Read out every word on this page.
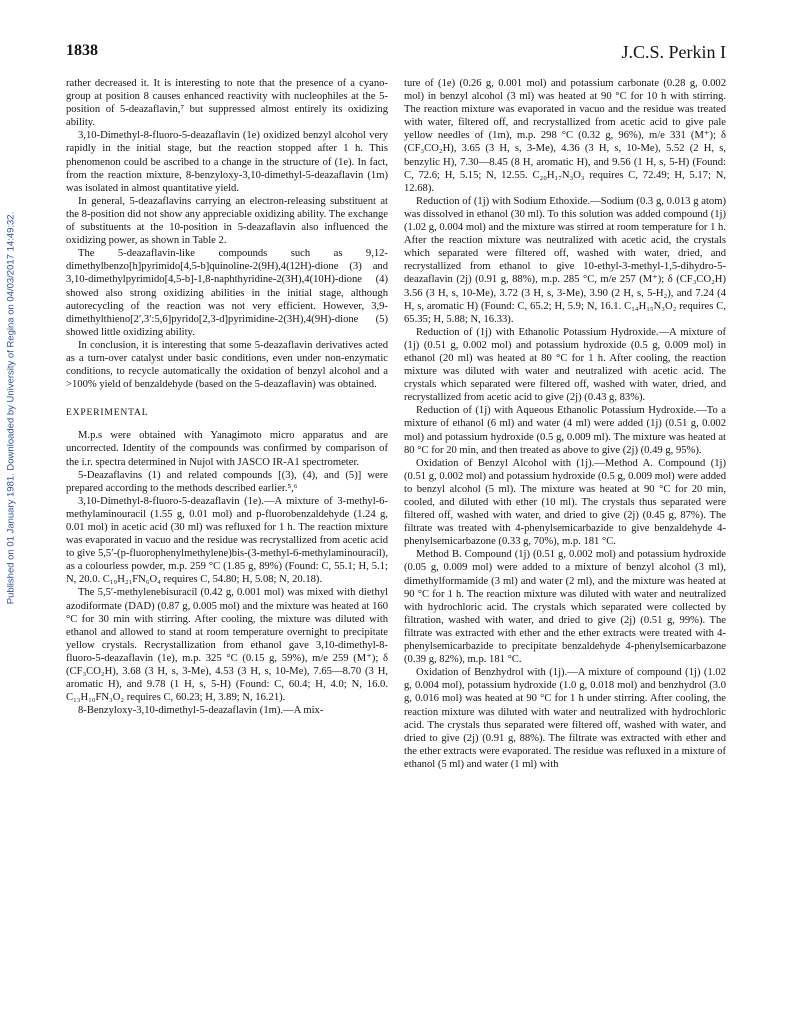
1838	J.C.S. Perkin I
Published on 01 January 1981. Downloaded by University of Regina on 04/03/2017 14:49:32.

rather decreased it. It is interesting to note that the presence of a cyano-group at position 8 causes enhanced reactivity with nucleophiles at the 5-position of 5-deazaflavin,⁷ but suppressed almost entirely its oxidizing ability.

3,10-Dimethyl-8-fluoro-5-deazaflavin (1e) oxidized benzyl alcohol very rapidly in the initial stage, but the reaction stopped after 1 h. This phenomenon could be ascribed to a change in the structure of (1e). In fact, from the reaction mixture, 8-benzyloxy-3,10-dimethyl-5-deazaflavin (1m) was isolated in almost quantitative yield.

In general, 5-deazaflavins carrying an electron-releasing substituent at the 8-position did not show any appreciable oxidizing ability. The exchange of substituents at the 10-position in 5-deazaflavin also influenced the oxidizing power, as shown in Table 2.

The 5-deazaflavin-like compounds such as 9,12-dimethylbenzo[h]pyrimido[4,5-b]quinoline-2(9H),4(12H)-dione (3) and 3,10-dimethylpyrimido[4,5-b]-1,8-naphthyridine-2(3H),4(10H)-dione (4) showed also strong oxidizing abilities in the initial stage, although autorecycling of the reaction was not very efficient. However, 3,9-dimethylthieno[2′,3′:5,6]pyrido[2,3-d]pyrimidine-2(3H),4(9H)-dione (5) showed little oxidizing ability.

In conclusion, it is interesting that some 5-deazaflavin derivatives acted as a turn-over catalyst under basic conditions, even under non-enzymatic conditions, to recycle automatically the oxidation of benzyl alcohol and a >100% yield of benzaldehyde (based on the 5-deazaflavin) was obtained.

EXPERIMENTAL

M.p.s were obtained with Yanagimoto micro apparatus and are uncorrected. Identity of the compounds was confirmed by comparison of the i.r. spectra determined in Nujol with JASCO IR-A1 spectrometer.

5-Deazaflavins (1) and related compounds [(3), (4), and (5)] were prepared according to the methods described earlier.⁵,⁶

3,10-Dimethyl-8-fluoro-5-deazaflavin (1e).—A mixture of 3-methyl-6-methylaminouracil (1.55 g, 0.01 mol) and p-fluorobenzaldehyde (1.24 g, 0.01 mol) in acetic acid (30 ml) was refluxed for 1 h. The reaction mixture was evaporated in vacuo and the residue was recrystallized from acetic acid to give 5,5′-(p-fluorophenylmethylene)bis-(3-methyl-6-methylaminouracil), as a colourless powder, m.p. 259 °C (1.85 g, 89%) (Found: C, 55.1; H, 5.1; N, 20.0. C₁₉H₂₁FN₆O₄ requires C, 54.80; H, 5.08; N, 20.18).

The 5,5′-methylenebisuracil (0.42 g, 0.001 mol) was mixed with diethyl azodiformate (DAD) (0.87 g, 0.005 mol) and the mixture was heated at 160 °C for 30 min with stirring. After cooling, the mixture was diluted with ethanol and allowed to stand at room temperature overnight to precipitate yellow crystals. Recrystallization from ethanol gave 3,10-dimethyl-8-fluoro-5-deazaflavin (1e), m.p. 325 °C (0.15 g, 59%), m/e 259 (M⁺); δ (CF₃CO₂H), 3.68 (3 H, s, 3-Me), 4.53 (3 H, s, 10-Me), 7.65—8.70 (3 H, aromatic H), and 9.78 (1 H, s, 5-H) (Found: C, 60.4; H, 4.0; N, 16.0. C₁₃H₁₀FN₃O₂ requires C, 60.23; H, 3.89; N, 16.21).

8-Benzyloxy-3,10-dimethyl-5-deazaflavin (1m).—A mix-

ture of (1e) (0.26 g, 0.001 mol) and potassium carbonate (0.28 g, 0.002 mol) in benzyl alcohol (3 ml) was heated at 90 °C for 10 h with stirring. The reaction mixture was evaporated in vacuo and the residue was treated with water, filtered off, and recrystallized from acetic acid to give pale yellow needles of (1m), m.p. 298 °C (0.32 g, 96%), m/e 331 (M⁺); δ (CF₃CO₂H), 3.65 (3 H, s, 3-Me), 4.36 (3 H, s, 10-Me), 5.52 (2 H, s, benzylic H), 7.30—8.45 (8 H, aromatic H), and 9.56 (1 H, s, 5-H) (Found: C, 72.6; H, 5.15; N, 12.55. C₂₀H₁₇N₃O₃ requires C, 72.49; H, 5.17; N, 12.68).

Reduction of (1j) with Sodium Ethoxide.—Sodium (0.3 g, 0.013 g atom) was dissolved in ethanol (30 ml). To this solution was added compound (1j) (1.02 g, 0.004 mol) and the mixture was stirred at room temperature for 1 h. After the reaction mixture was neutralized with acetic acid, the crystals which separated were filtered off, washed with water, dried, and recrystallized from ethanol to give 10-ethyl-3-methyl-1,5-dihydro-5-deazaflavin (2j) (0.91 g, 88%), m.p. 285 °C, m/e 257 (M⁺); δ (CF₃CO₂H) 3.56 (3 H, s, 10-Me), 3.72 (3 H, s, 3-Me), 3.90 (2 H, s, 5-H₂), and 7.24 (4 H, s, aromatic H) (Found: C, 65.2; H, 5.9; N, 16.1. C₁₄H₁₅N₃O₂ requires C, 65.35; H, 5.88; N, 16.33).

Reduction of (1j) with Ethanolic Potassium Hydroxide.—A mixture of (1j) (0.51 g, 0.002 mol) and potassium hydroxide (0.5 g, 0.009 mol) in ethanol (20 ml) was heated at 80 °C for 1 h. After cooling, the reaction mixture was diluted with water and neutralized with acetic acid. The crystals which separated were filtered off, washed with water, dried, and recrystallized from acetic acid to give (2j) (0.43 g, 83%).

Reduction of (1j) with Aqueous Ethanolic Potassium Hydroxide.—To a mixture of ethanol (6 ml) and water (4 ml) were added (1j) (0.51 g, 0.002 mol) and potassium hydroxide (0.5 g, 0.009 ml). The mixture was heated at 80 °C for 20 min, and then treated as above to give (2j) (0.49 g, 95%).

Oxidation of Benzyl Alcohol with (1j).—Method A. Compound (1j) (0.51 g, 0.002 mol) and potassium hydroxide (0.5 g, 0.009 mol) were added to benzyl alcohol (5 ml). The mixture was heated at 90 °C for 20 min, cooled, and diluted with ether (10 ml). The crystals thus separated were filtered off, washed with water, and dried to give (2j) (0.45 g, 87%). The filtrate was treated with 4-phenylsemicarbazide to give benzaldehyde 4-phenylsemicarbazone (0.33 g, 70%), m.p. 181 °C.

Method B. Compound (1j) (0.51 g, 0.002 mol) and potassium hydroxide (0.05 g, 0.009 mol) were added to a mixture of benzyl alcohol (3 ml), dimethylformamide (3 ml) and water (2 ml), and the mixture was heated at 90 °C for 1 h. The reaction mixture was diluted with water and neutralized with hydrochloric acid. The crystals which separated were collected by filtration, washed with water, and dried to give (2j) (0.51 g, 99%). The filtrate was extracted with ether and the ether extracts were treated with 4-phenylsemicarbazide to precipitate benzaldehyde 4-phenylsemicarbazone (0.39 g, 82%), m.p. 181 °C.

Oxidation of Benzhydrol with (1j).—A mixture of compound (1j) (1.02 g, 0.004 mol), potassium hydroxide (1.0 g, 0.018 mol) and benzhydrol (3.0 g, 0.016 mol) was heated at 90 °C for 1 h under stirring. After cooling, the reaction mixture was diluted with water and neutralized with hydrochloric acid. The crystals thus separated were filtered off, washed with water, and dried to give (2j) (0.91 g, 88%). The filtrate was extracted with ether and the ether extracts were evaporated. The residue was refluxed in a mixture of ethanol (5 ml) and water (1 ml) with
